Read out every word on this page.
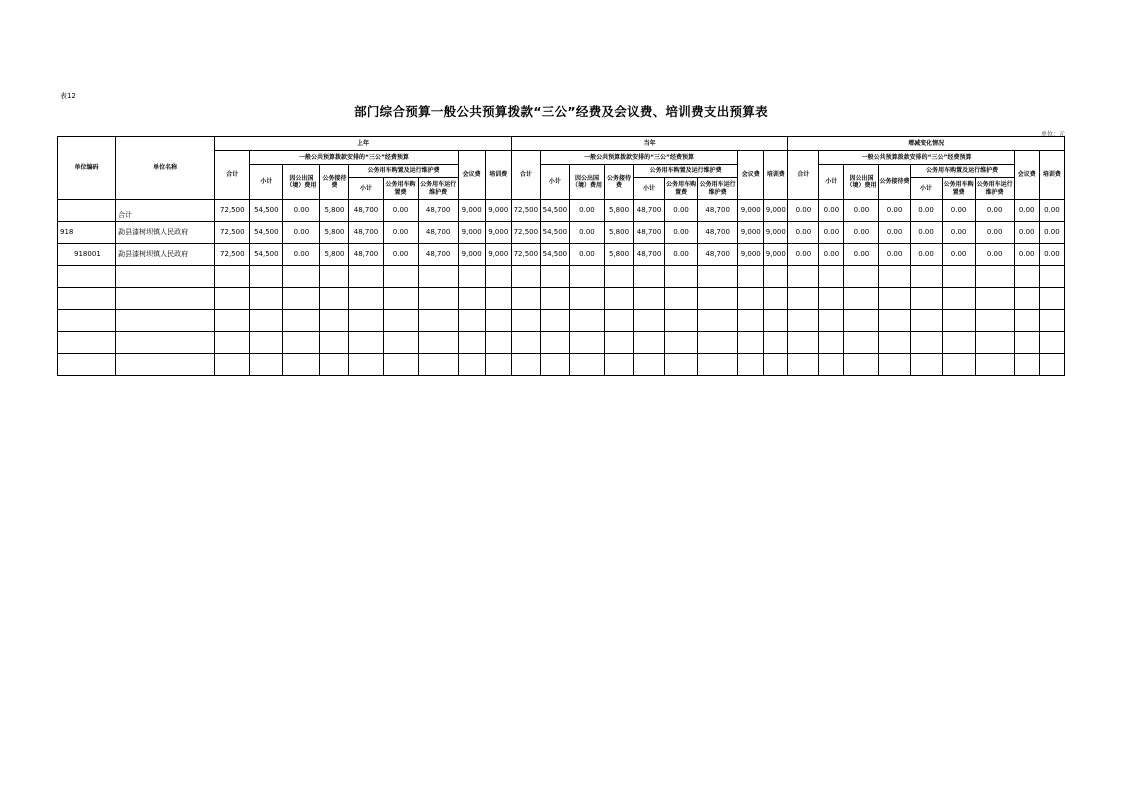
表12
部门综合预算一般公共预算拨款“三公”经费及会议费、培训费支出预算表
单位：元
单位编码	单位名称	上年									当年									增减变化情况								
		合计	一般公共预算拨款安排的“三公”经费预算						会议费	培训费	合计	一般公共预算拨款安排的“三公”经费预算						会议费	培训费	合计	一般公共预算拨款安排的“三公”经费预算						会议费	培训费
			小计	因公出国（境）费用	公务接待费	公务用车购置及运行维护费						小计	因公出国（境）费用	公务接待费	公务用车购置及运行维护费						小计	因公出国（境）费用	公务接待费	公务用车购置及运行维护费				
						小计	公务用车购置费	公务用车运行维护费							小计	公务用车购置费	公务用车运行维护费							小计	公务用车购置费	公务用车运行维护费		
	合计	72,500	54,500	0.00	5,800	48,700	0.00	48,700	9,000	9,000	72,500	54,500	0.00	5,800	48,700	0.00	48,700	9,000	9,000	0.00	0.00	0.00	0.00	0.00	0.00	0.00	0.00	0.00
918	勐县漆树坝镇人民政府	72,500	54,500	0.00	5,800	48,700	0.00	48,700	9,000	9,000	72,500	54,500	0.00	5,800	48,700	0.00	48,700	9,000	9,000	0.00	0.00	0.00	0.00	0.00	0.00	0.00	0.00	0.00
918001	勐县漆树坝镇人民政府	72,500	54,500	0.00	5,800	48,700	0.00	48,700	9,000	9,000	72,500	54,500	0.00	5,800	48,700	0.00	48,700	9,000	9,000	0.00	0.00	0.00	0.00	0.00	0.00	0.00	0.00	0.00
